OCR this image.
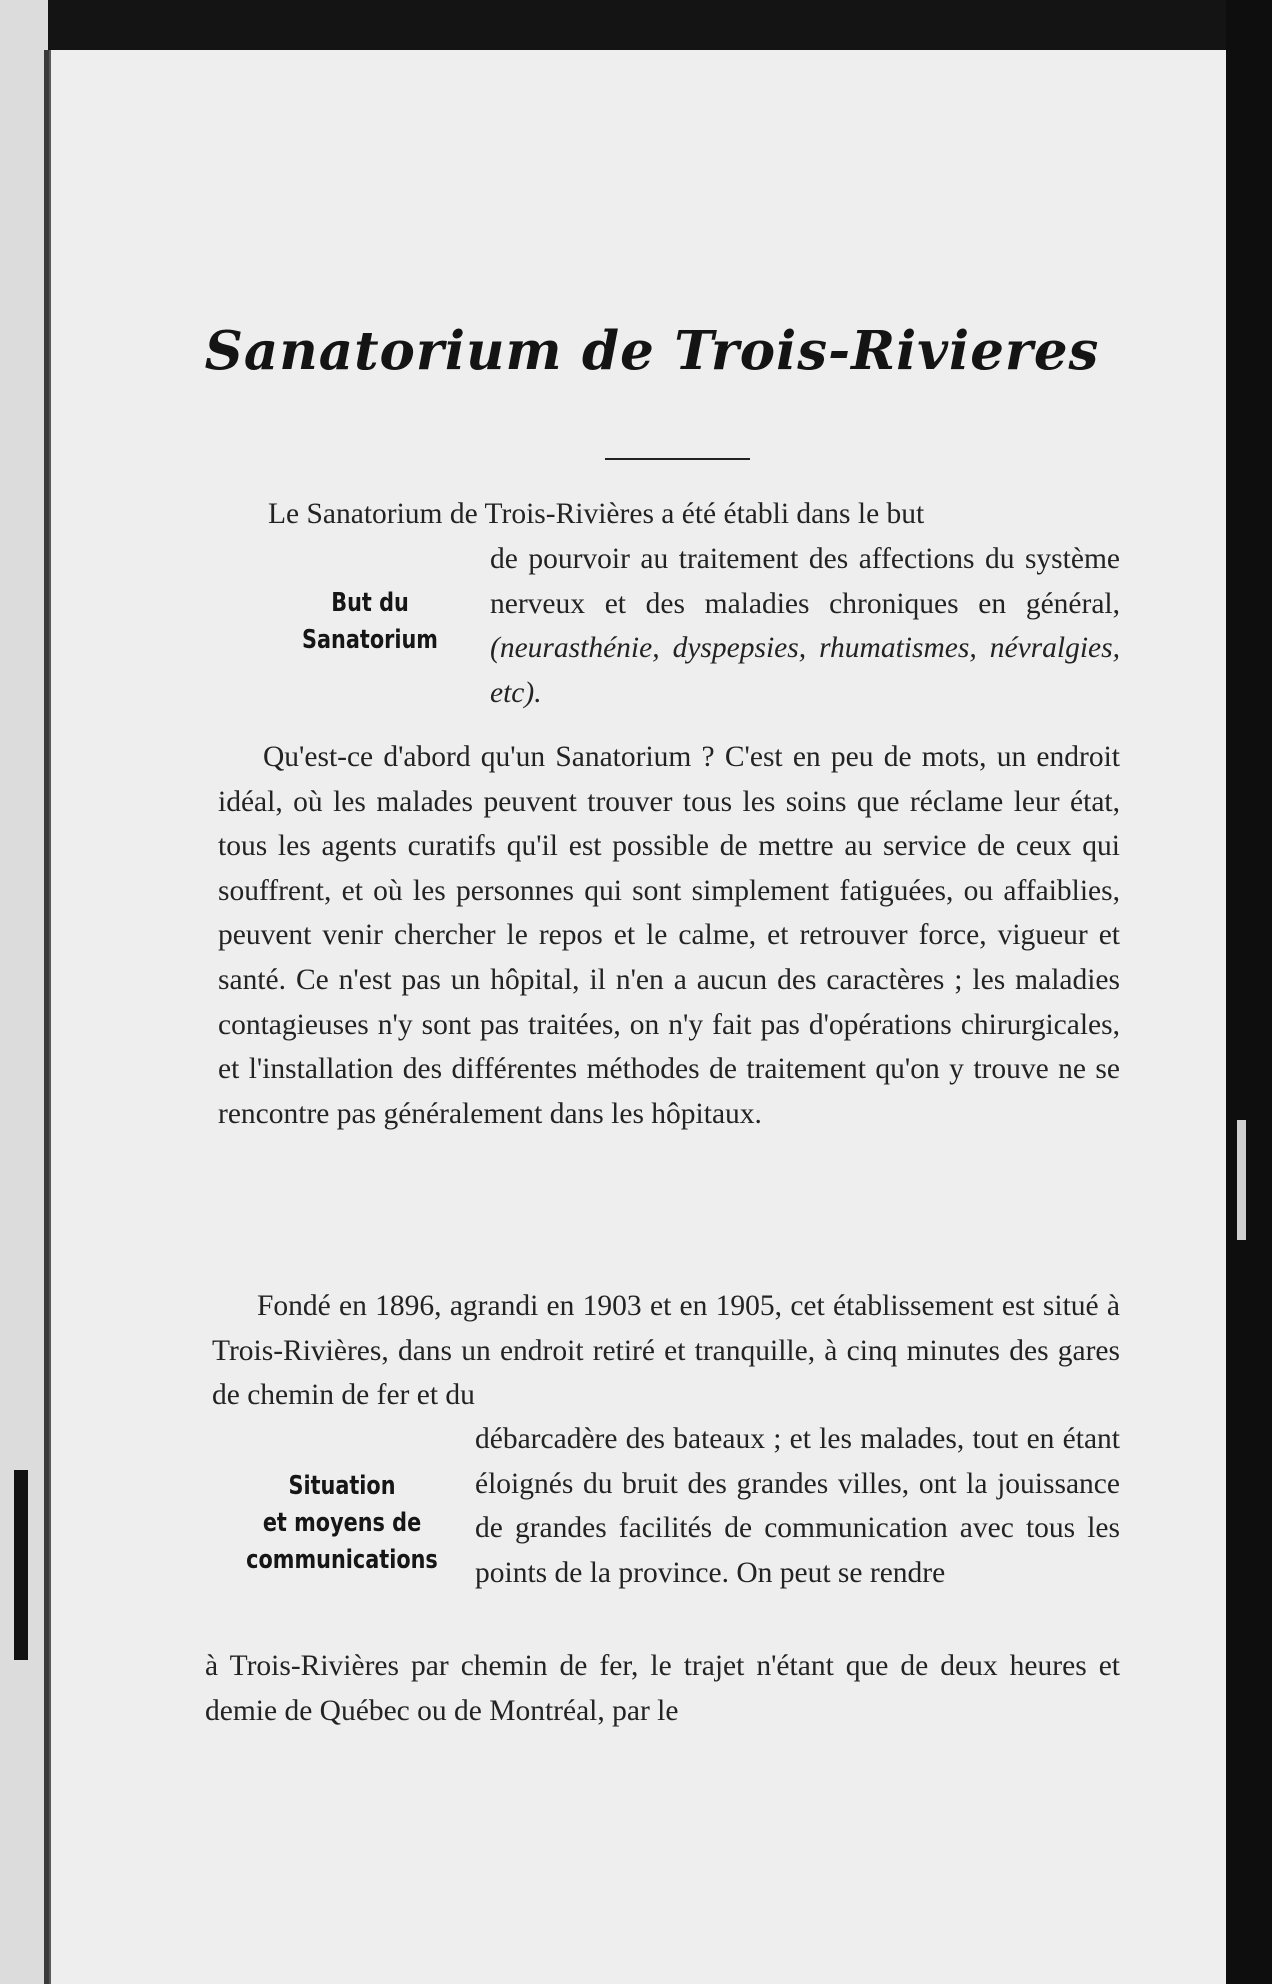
Sanatorium de Trois-Rivieres

Le Sanatorium de Trois-Rivières a été établi dans le but

de pourvoir au traitement des affections du système nerveux et des maladies chroniques en général, (neurasthénie, dyspepsies, rhumatismes, névralgies, etc).

But du
Sanatorium

Qu'est-ce d'abord qu'un Sanatorium ? C'est en peu de mots, un endroit idéal, où les malades peuvent trouver tous les soins que réclame leur état, tous les agents curatifs qu'il est possible de mettre au service de ceux qui souffrent, et où les personnes qui sont simplement fatiguées, ou affaiblies, peuvent venir chercher le repos et le calme, et retrouver force, vigueur et santé. Ce n'est pas un hôpital, il n'en a aucun des caractères ; les maladies contagieuses n'y sont pas traitées, on n'y fait pas d'opérations chirurgicales, et l'installation des différentes méthodes de traitement qu'on y trouve ne se rencontre pas généralement dans les hôpitaux.

Fondé en 1896, agrandi en 1903 et en 1905, cet établissement est situé à Trois-Rivières, dans un endroit retiré et tranquille, à cinq minutes des gares de chemin de fer et du

débarcadère des bateaux ; et les malades, tout en étant éloignés du bruit des grandes villes, ont la jouissance de grandes facilités de communication avec tous les points de la province. On peut se rendre

Situation
et moyens de
communications

à Trois-Rivières par chemin de fer, le trajet n'étant que de deux heures et demie de Québec ou de Montréal, par le
